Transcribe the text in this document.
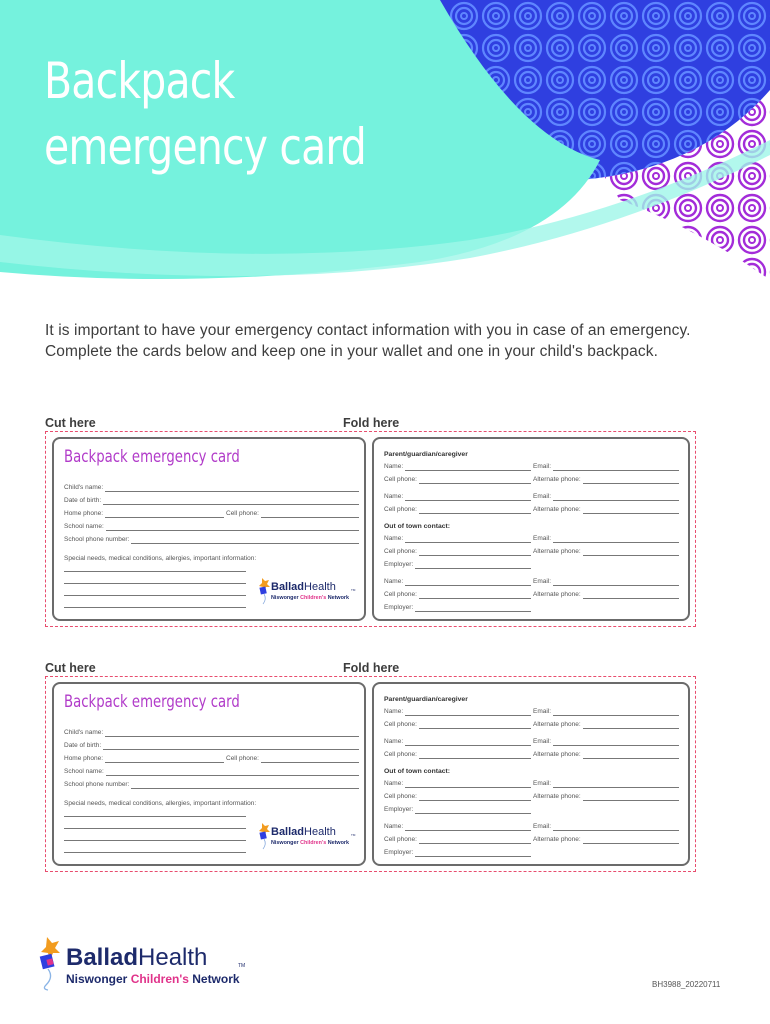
Backpack
emergency card

It is important to have your emergency contact information with you in case of an emergency. Complete the cards below and keep one in your wallet and one in your child's backpack.

Cut here	Fold here
Backpack emergency card
Child's name:
Date of birth:
Home phone:	Cell phone:
School name:
School phone number:
Special needs, medical conditions, allergies, important information:
BalladHealth	TM
Niswonger Children's Network
Parent/guardian/caregiver
Name:	Email:
Cell phone:	Alternate phone:
Name:	Email:
Cell phone:	Alternate phone:
Out of town contact:
Name:	Email:
Cell phone:	Alternate phone:
Employer:
Name:	Email:
Cell phone:	Alternate phone:
Employer:
Cut here	Fold here
Backpack emergency card
Child's name:
Date of birth:
Home phone:	Cell phone:
School name:
School phone number:
Special needs, medical conditions, allergies, important information:
BalladHealth	TM
Niswonger Children's Network
Parent/guardian/caregiver
Name:	Email:
Cell phone:	Alternate phone:
Name:	Email:
Cell phone:	Alternate phone:
Out of town contact:
Name:	Email:
Cell phone:	Alternate phone:
Employer:
Name:	Email:
Cell phone:	Alternate phone:
Employer:
BalladHealth	TM
Niswonger Children's Network	BH3988_20220711
